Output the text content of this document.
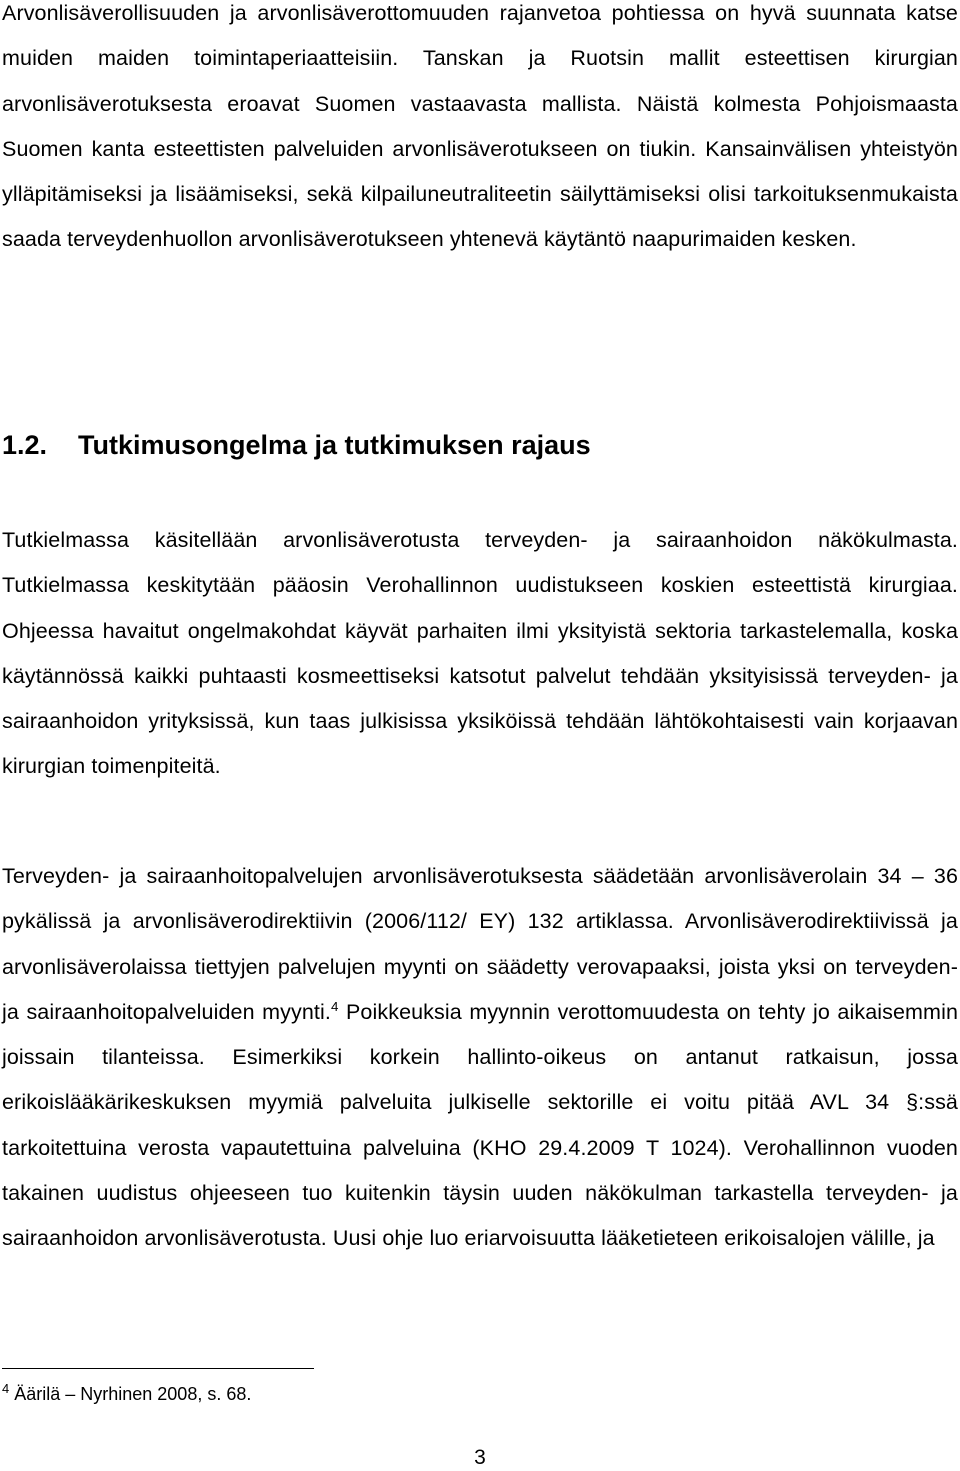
Arvonlisäverollisuuden ja arvonlisäverottomuuden rajanvetoa pohtiessa on hyvä suunnata katse muiden maiden toimintaperiaatteisiin. Tanskan ja Ruotsin mallit esteettisen kirurgian arvonlisäverotuksesta eroavat Suomen vastaavasta mallista. Näistä kolmesta Pohjoismaasta Suomen kanta esteettisten palveluiden arvonlisäverotukseen on tiukin. Kansainvälisen yhteistyön ylläpitämiseksi ja lisäämiseksi, sekä kilpailuneutraliteetin säilyttämiseksi olisi tarkoituksenmukaista saada terveydenhuollon arvonlisäverotukseen yhtenevä käytäntö naapurimaiden kesken.

1.2. Tutkimusongelma ja tutkimuksen rajaus

Tutkielmassa käsitellään arvonlisäverotusta terveyden- ja sairaanhoidon näkökulmasta. Tutkielmassa keskitytään pääosin Verohallinnon uudistukseen koskien esteettistä kirurgiaa. Ohjeessa havaitut ongelmakohdat käyvät parhaiten ilmi yksityistä sektoria tarkastelemalla, koska käytännössä kaikki puhtaasti kosmeettiseksi katsotut palvelut tehdään yksityisissä terveyden- ja sairaanhoidon yrityksissä, kun taas julkisissa yksiköissä tehdään lähtökohtaisesti vain korjaavan kirurgian toimenpiteitä.

Terveyden- ja sairaanhoitopalvelujen arvonlisäverotuksesta säädetään arvonlisäverolain 34 – 36 pykälissä ja arvonlisäverodirektiivin (2006/112/ EY) 132 artiklassa. Arvonlisäverodirektiivissä ja arvonlisäverolaissa tiettyjen palvelujen myynti on säädetty verovapaaksi, joista yksi on terveyden- ja sairaanhoitopalveluiden myynti.$^4$ Poikkeuksia myynnin verottomuudesta on tehty jo aikaisemmin joissain tilanteissa. Esimerkiksi korkein hallinto-oikeus on antanut ratkaisun, jossa erikoislääkärikeskuksen myymiä palveluita julkiselle sektorille ei voitu pitää AVL 34 §:ssä tarkoitettuina verosta vapautettuina palveluina (KHO 29.4.2009 T 1024). Verohallinnon vuoden takainen uudistus ohjeeseen tuo kuitenkin täysin uuden näkökulman tarkastella terveyden- ja sairaanhoidon arvonlisäverotusta. Uusi ohje luo eriarvoisuutta lääketieteen erikoisalojen välille, ja

$^4$ Äärilä – Nyrhinen 2008, s. 68.
3
